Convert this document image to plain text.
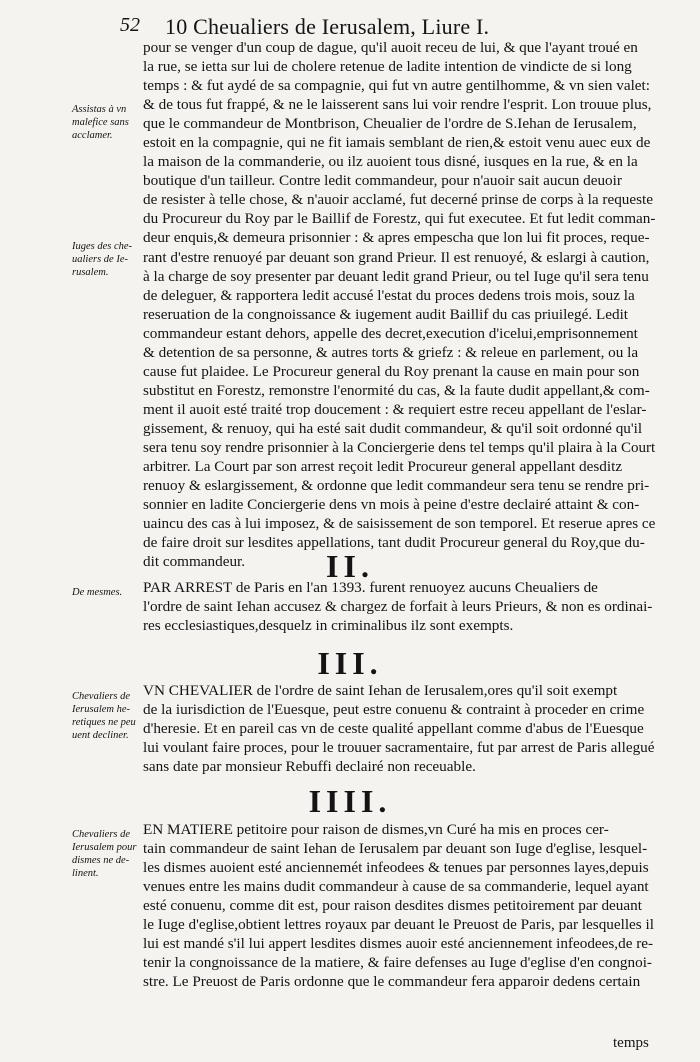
52 10 Cheualiers de Ierusalem, Liure I.
Assistas à vn
malefice sans
acclamer.
Iuges des che-
ualiers de Ie-
rusalem.
De mesmes.
Chevaliers de
Ierusalem he-
retiques ne peu
uent decliner.
Chevaliers de
Ierusalem pour
dismes ne de-
linent.
pour se venger d'un coup de dague, qu'il auoit receu de lui, & que l'ayant troué en
la rue, se ietta sur lui de cholere retenue de ladite intention de vindicte de si long
temps : & fut aydé de sa compagnie, qui fut vn autre gentilhomme, & vn sien valet:
& de tous fut frappé, & ne le laisserent sans lui voir rendre l'esprit. Lon trouue plus,
que le commandeur de Montbrison, Cheualier de l'ordre de S.Iehan de Ierusalem,
estoit en la compagnie, qui ne fit iamais semblant de rien,& estoit venu auec eux de
la maison de la commanderie, ou ilz auoient tous disné, iusques en la rue, & en la
boutique d'un tailleur. Contre ledit commandeur, pour n'auoir sait aucun deuoir
de resister à telle chose, & n'auoir acclamé, fut decerné prinse de corps à la requeste
du Procureur du Roy par le Baillif de Forestz, qui fut executee. Et fut ledit comman-
deur enquis,& demeura prisonnier : & apres empescha que lon lui fit proces, reque-
rant d'estre renuoyé par deuant son grand Prieur. Il est renuoyé, & eslargi à caution,
à la charge de soy presenter par deuant ledit grand Prieur, ou tel Iuge qu'il sera tenu
de deleguer, & rapportera ledit accusé l'estat du proces dedens trois mois, souz la
reseruation de la congnoissance & iugement audit Baillif du cas priuilegé. Ledit
commandeur estant dehors, appelle des decret,execution d'icelui,emprisonnement
& detention de sa personne, & autres torts & griefz : & releue en parlement, ou la
cause fut plaidee. Le Procureur general du Roy prenant la cause en main pour son
substitut en Forestz, remonstre l'enormité du cas, & la faute dudit appellant,& com-
ment il auoit esté traité trop doucement : & requiert estre receu appellant de l'eslar-
gissement, & renuoy, qui ha esté sait dudit commandeur, & qu'il soit ordonné qu'il
sera tenu soy rendre prisonnier à la Conciergerie dens tel temps qu'il plaira à la Court
arbitrer. La Court par son arrest reçoit ledit Procureur general appellant desditz
renuoy & eslargissement, & ordonne que ledit commandeur sera tenu se rendre pri-
sonnier en ladite Conciergerie dens vn mois à peine d'estre declairé attaint & con-
uaincu des cas à lui imposez, & de saisissement de son temporel. Et reserue apres ce
de faire droit sur lesdites appellations, tant dudit Procureur general du Roy,que du-
dit commandeur.	II.
PAR ARREST de Paris en l'an 1393. furent renuoyez aucuns Cheualiers de
l'ordre de saint Iehan accusez & chargez de forfait à leurs Prieurs, & non es ordinai-
res ecclesiastiques,desquelz in criminalibus ilz sont exempts.
III.
VN CHEVALIER de l'ordre de saint Iehan de Ierusalem,ores qu'il soit exempt
de la iurisdiction de l'Euesque, peut estre conuenu & contraint à proceder en crime
d'heresie. Et en pareil cas vn de ceste qualité appellant comme d'abus de l'Euesque
lui voulant faire proces, pour le trouuer sacramentaire, fut par arrest de Paris allegué
sans date par monsieur Rebuffi declairé non receuable.
IIII.
EN MATIERE petitoire pour raison de dismes,vn Curé ha mis en proces cer-
tain commandeur de saint Iehan de Ierusalem par deuant son Iuge d'eglise, lesquel-
les dismes auoient esté anciennemét infeodees & tenues par personnes layes,depuis
venues entre les mains dudit commandeur à cause de sa commanderie, lequel ayant
esté conuenu, comme dit est, pour raison desdites dismes petitoirement par deuant
le Iuge d'eglise,obtient lettres royaux par deuant le Preuost de Paris, par lesquelles il
lui est mandé s'il lui appert lesdites dismes auoir esté anciennement infeodees,de re-
tenir la congnoissance de la matiere, & faire defenses au Iuge d'eglise d'en congnoi-
stre. Le Preuost de Paris ordonne que le commandeur fera apparoir dedens certain
temps
